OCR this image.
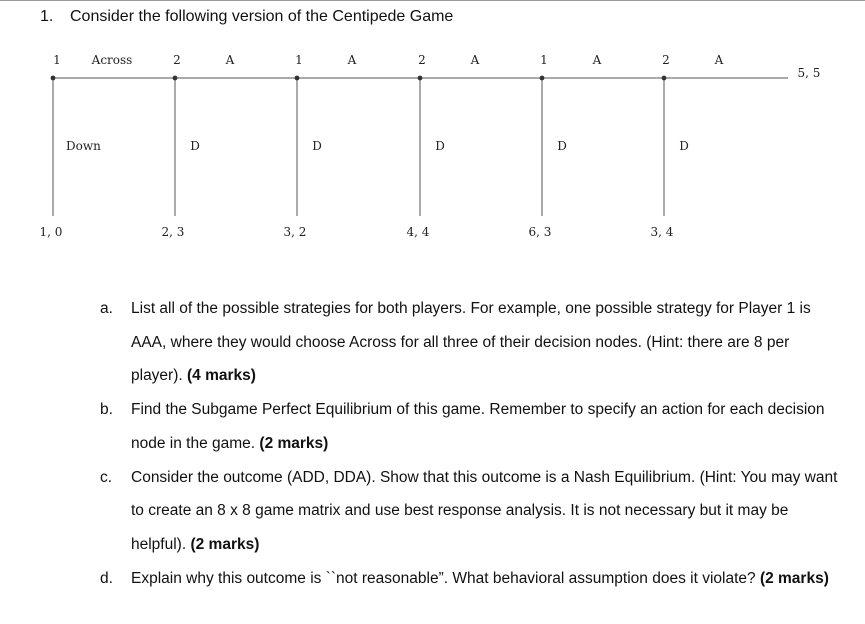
1. Consider the following version of the Centipede Game
5, 5
1	Across
Down
1, 0
2	A
D
2, 3
1	A
D
3, 2
2	A
D
4, 4
1	A
D
6, 3
2	A
D
3, 4
a. List all of the possible strategies for both players. For example, one possible strategy for Player 1 is AAA, where they would choose Across for all three of their decision nodes. (Hint: there are 8 per player). (4 marks)
b. Find the Subgame Perfect Equilibrium of this game. Remember to specify an action for each decision node in the game. (2 marks)
c. Consider the outcome (ADD, DDA). Show that this outcome is a Nash Equilibrium. (Hint: You may want to create an 8 x 8 game matrix and use best response analysis. It is not necessary but it may be helpful). (2 marks)
d. Explain why this outcome is ``not reasonable”. What behavioral assumption does it violate? (2 marks)
